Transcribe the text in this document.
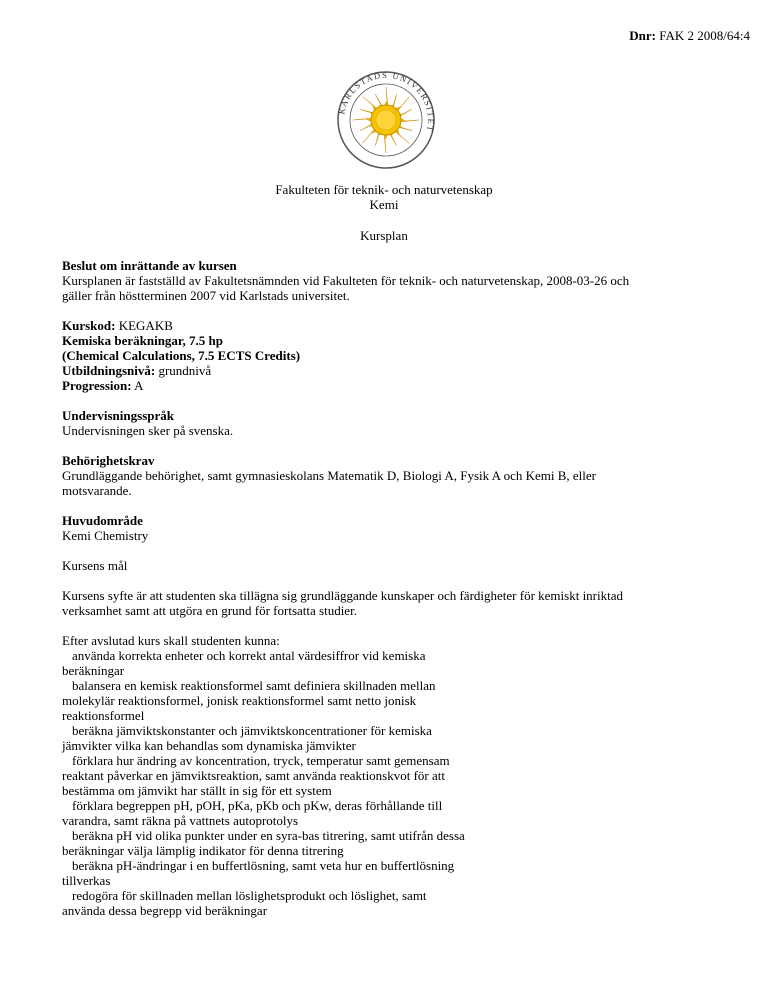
Dnr: FAK 2 2008/64:4
KARLSTADS UNIVERSITET
Fakulteten för teknik- och naturvetenskap
Kemi
Kursplan

Beslut om inrättande av kursen

Kursplanen är fastställd av Fakultetsnämnden vid Fakulteten för teknik- och naturvetenskap, 2008-03-26 och

gäller från höstterminen 2007 vid Karlstads universitet.

Kurskod: KEGAKB

Kemiska beräkningar, 7.5 hp

(Chemical Calculations, 7.5 ECTS Credits)

Utbildningsnivå: grundnivå

Progression: A

Undervisningsspråk

Undervisningen sker på svenska.

Behörighetskrav

Grundläggande behörighet, samt gymnasieskolans Matematik D, Biologi A, Fysik A och Kemi B, eller

motsvarande.

Huvudområde

Kemi Chemistry

Kursens mål

Kursens syfte är att studenten ska tillägna sig grundläggande kunskaper och färdigheter för kemiskt inriktad

verksamhet samt att utgöra en grund för fortsatta studier.

Efter avslutad kurs skall studenten kunna:

använda korrekta enheter och korrekt antal värdesiffror vid kemiska

beräkningar

balansera en kemisk reaktionsformel samt definiera skillnaden mellan

molekylär reaktionsformel, jonisk reaktionsformel samt netto jonisk

reaktionsformel

beräkna jämviktskonstanter och jämviktskoncentrationer för kemiska

jämvikter vilka kan behandlas som dynamiska jämvikter

förklara hur ändring av koncentration, tryck, temperatur samt gemensam

reaktant påverkar en jämviktsreaktion, samt använda reaktionskvot för att

bestämma om jämvikt har ställt in sig för ett system

förklara begreppen pH, pOH, pKa, pKb och pKw, deras förhållande till

varandra, samt räkna på vattnets autoprotolys

beräkna pH vid olika punkter under en syra-bas titrering, samt utifrån dessa

beräkningar välja lämplig indikator för denna titrering

beräkna pH-ändringar i en buffertlösning, samt veta hur en buffertlösning

tillverkas

redogöra för skillnaden mellan löslighetsprodukt och löslighet, samt

använda dessa begrepp vid beräkningar
